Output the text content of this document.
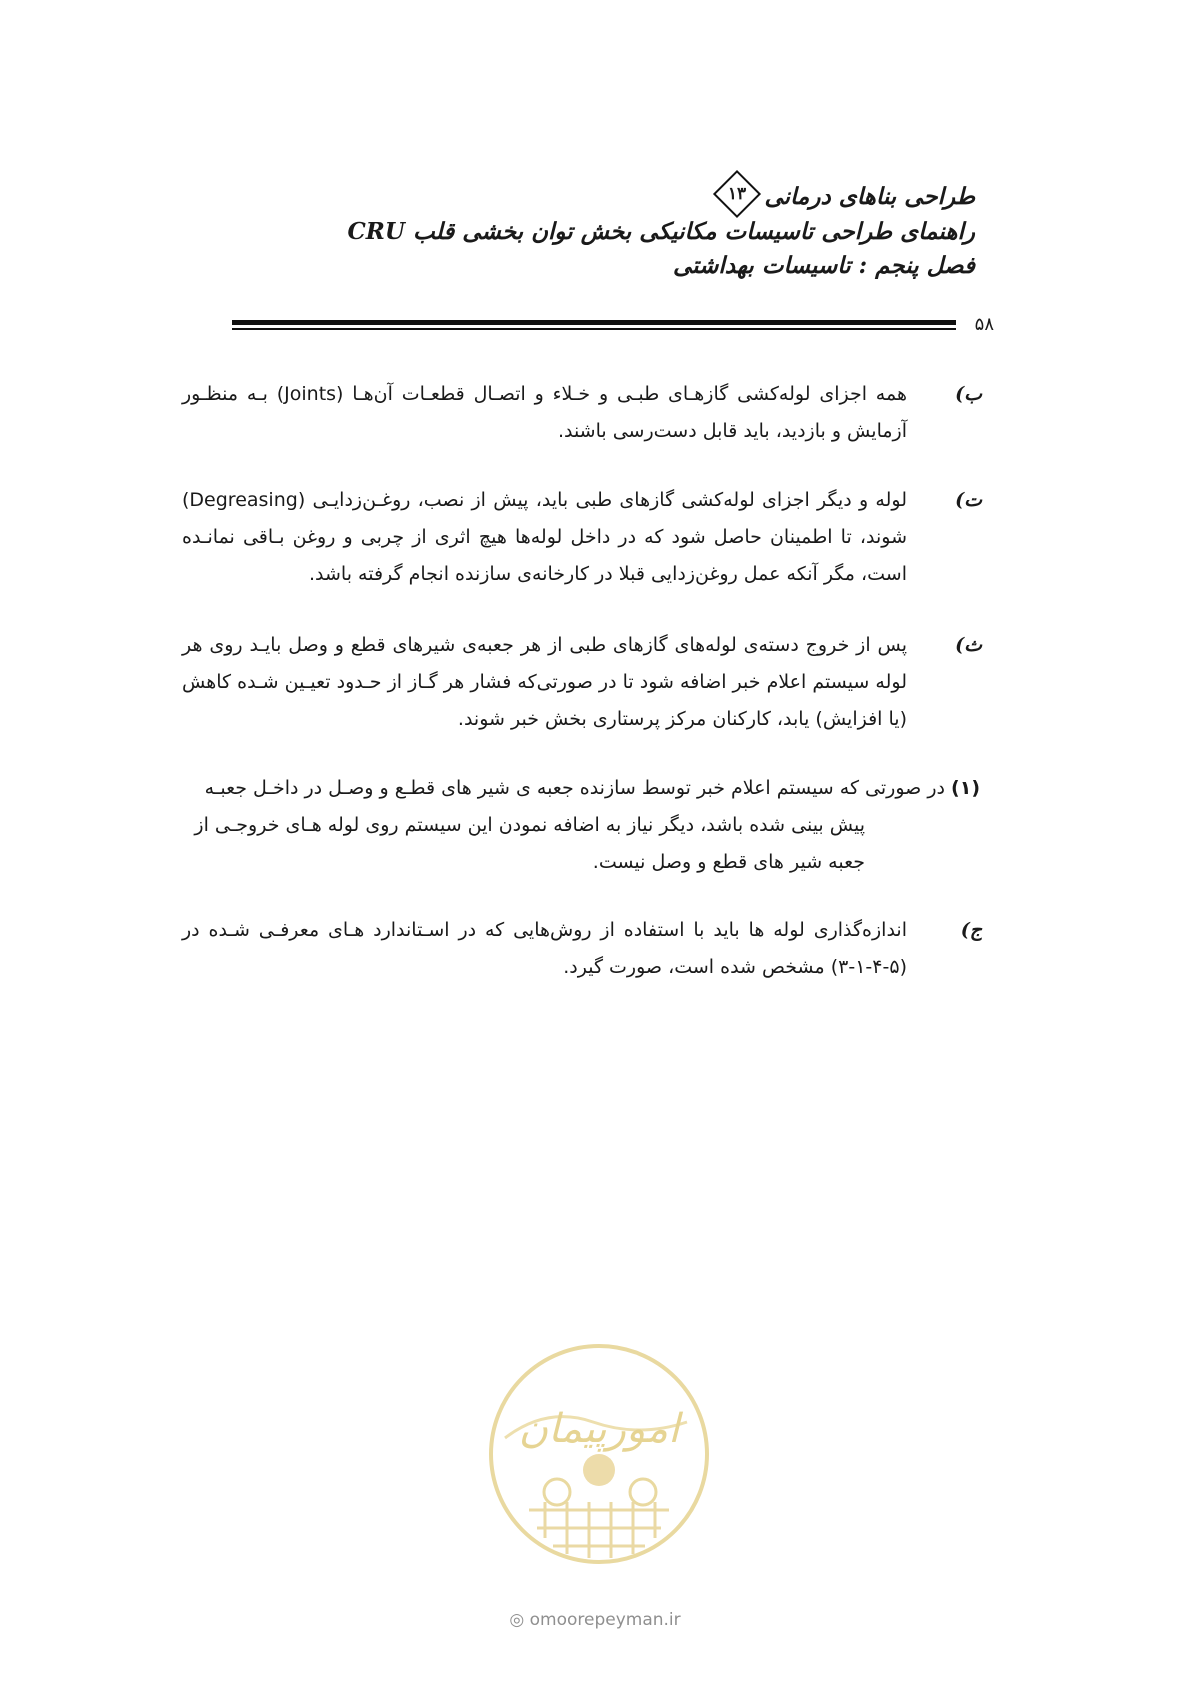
طراحی بناهای درمانی
۱۳
راهنمای طراحی تاسیسات مکانیکی بخش توان بخشی قلب CRU
فصل پنجم : تاسیسات بهداشتی
۵۸
ب)
همه اجزای لوله‌کشی گازهـای طبـی و خـلاء و اتصـال قطعـات آن‌هـا (Joints) بـه منظـور آزمایش و بازدید، باید قابل دست‌رسی باشند.
ت)
لوله و دیگر اجزای لوله‌کشی گازهای طبی باید، پیش از نصب، روغـن‌زدایـی (Degreasing) شوند، تا اطمینان حاصل شود که در داخل لوله‌ها هیچ اثری از چربی و روغن بـاقی نمانـده است، مگر آنکه عمل روغن‌زدایی قبلا در کارخانه‌ی سازنده انجام گرفته باشد.
ث)
پس از خروج دسته‌ی لوله‌های گازهای طبی از هر جعبه‌ی شیرهای قطع و وصل بایـد روی هر لوله سیستم اعلام خبر اضافه شود تا در صورتی‌که فشار هر گـاز از حـدود تعیـین شـده کاهش (یا افزایش) یابد، کارکنان مرکز پرستاری بخش خبر شوند.
(۱) در صورتی که سیستم اعلام خبر توسط سازنده جعبه ی شیر های قطـع و وصـل در داخـل جعبـه
پیش بینی شده باشد، دیگر نیاز به اضافه نمودن این سیستم روی لوله هـای خروجـی از جعبه شیر های قطع و وصل نیست.
ج)
اندازه‌گذاری لوله ها باید با استفاده از روش‌هایی که در اسـتاندارد هـای معرفـی شـده در (۵-۴-۱-۳) مشخص شده است، صورت گیرد.
امورپیمان
◎ omoorepeyman.ir
